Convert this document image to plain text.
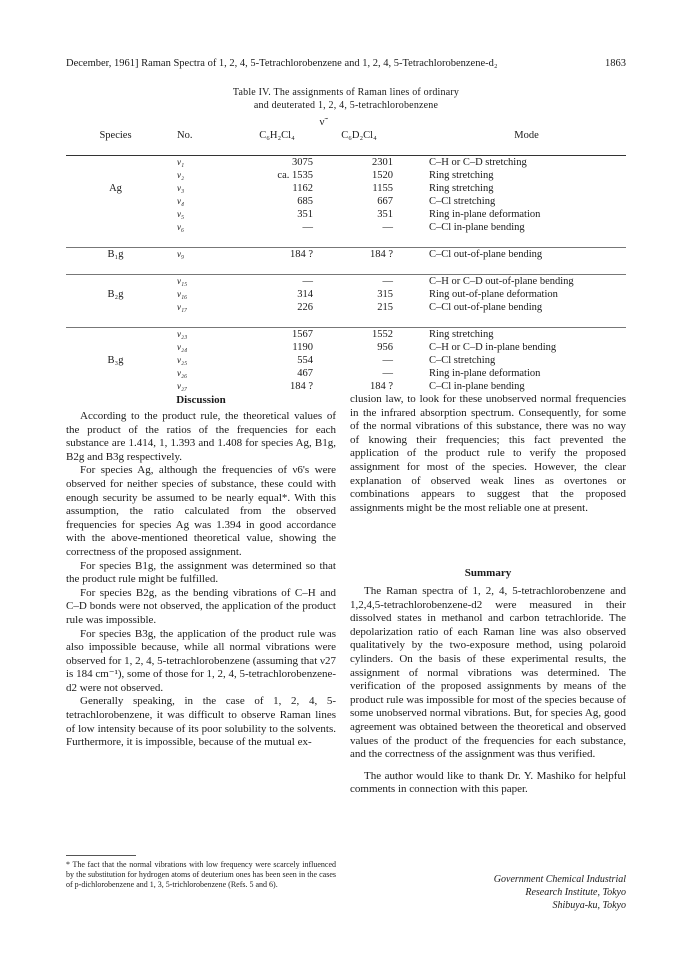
December, 1961] Raman Spectra of 1, 2, 4, 5-Tetrachlorobenzene and 1, 2, 4, 5-Tetrachlorobenzene-d₂	1863
Table IV. The assignments of Raman lines of ordinary
and deuterated 1, 2, 4, 5-tetrachlorobenzene
		ν̃		
Species	No.	C₆H₂Cl₄	C₆D₂Cl₄	Mode

	ν₁	3075	2301	C–H or C–D stretching
	ν₂	ca. 1535	1520	Ring stretching
Ag	ν₃	1162	1155	Ring stretching
	ν₄	685	667	C–Cl stretching
	ν₅	351	351	Ring in-plane deformation
	ν₆	—	—	C–Cl in-plane bending

B₁g	ν₉	184 ?	184 ?	C–Cl out-of-plane bending

	ν₁₅	—	—	C–H or C–D out-of-plane bending
B₂g	ν₁₆	314	315	Ring out-of-plane deformation
	ν₁₇	226	215	C–Cl out-of-plane bending

	ν₂₃	1567	1552	Ring stretching
	ν₂₄	1190	956	C–H or C–D in-plane bending
B₃g	ν₂₅	554	—	C–Cl stretching
	ν₂₆	467	—	Ring in-plane deformation
	ν₂₇	184 ?	184 ?	C–Cl in-plane bending
Discussion

According to the product rule, the theoretical values of the product of the ratios of the frequencies for each substance are 1.414, 1, 1.393 and 1.408 for species Ag, B1g, B2g and B3g respectively.

For species Ag, although the frequencies of ν6's were observed for neither species of substance, these could with enough security be assumed to be nearly equal*. With this assumption, the ratio calculated from the observed frequencies for species Ag was 1.394 in good accordance with the above-mentioned theoretical value, showing the correctness of the proposed assignment.

For species B1g, the assignment was determined so that the product rule might be fulfilled.

For species B2g, as the bending vibrations of C–H and C–D bonds were not observed, the application of the product rule was impossible.

For species B3g, the application of the product rule was also impossible because, while all normal vibrations were observed for 1, 2, 4, 5-tetrachlorobenzene (assuming that ν27 is 184 cm⁻¹), some of those for 1, 2, 4, 5-tetrachlorobenzene-d2 were not observed.

Generally speaking, in the case of 1, 2, 4, 5-tetrachlorobenzene, it was difficult to observe Raman lines of low intensity because of its poor solubility to the solvents. Furthermore, it is impossible, because of the mutual ex-

clusion law, to look for these unobserved normal frequencies in the infrared absorption spectrum. Consequently, for some of the normal vibrations of this substance, there was no way of knowing their frequencies; this fact prevented the application of the product rule to verify the proposed assignment for most of the species. However, the clear explanation of observed weak lines as overtones or combinations appears to suggest that the proposed assignments might be the most reliable one at present.

Summary

The Raman spectra of 1, 2, 4, 5-tetrachlorobenzene and 1,2,4,5-tetrachlorobenzene-d2 were measured in their dissolved states in methanol and carbon tetrachloride. The depolarization ratio of each Raman line was also observed qualitatively by the two-exposure method, using polaroid cylinders. On the basis of these experimental results, the assignment of normal vibrations was determined. The verification of the proposed assignments by means of the product rule was impossible for most of the species because of some unobserved normal vibrations. But, for species Ag, good agreement was obtained between the theoretical and observed values of the product of the frequencies for each substance, and the correctness of the assignment was thus verified.

The author would like to thank Dr. Y. Mashiko for helpful comments in connection with this paper.

* The fact that the normal vibrations with low frequency were scarcely influenced by the substitution for hydrogen atoms of deuterium ones has been seen in the cases of p-dichlorobenzene and 1, 3, 5-trichlorobenzene (Refs. 5 and 6).	Government Chemical Industrial
Research Institute, Tokyo
Shibuya-ku, Tokyo
